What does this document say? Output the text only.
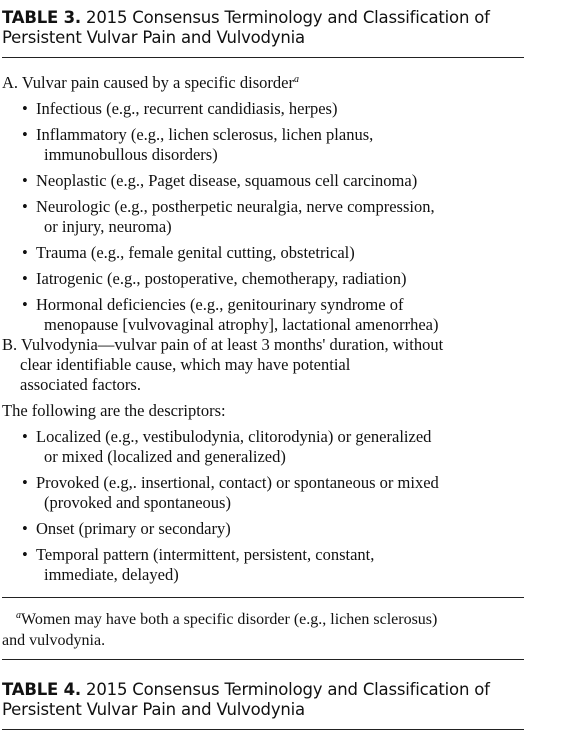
TABLE 3. 2015 Consensus Terminology and Classification of
Persistent Vulvar Pain and Vulvodynia
A. Vulvar pain caused by a specific disorder$^a$
• Infectious (e.g., recurrent candidiasis, herpes)
• Inflammatory (e.g., lichen sclerosus, lichen planus,
immunobullous disorders)
• Neoplastic (e.g., Paget disease, squamous cell carcinoma)
• Neurologic (e.g., postherpetic neuralgia, nerve compression,
or injury, neuroma)
• Trauma (e.g., female genital cutting, obstetrical)
• Iatrogenic (e.g., postoperative, chemotherapy, radiation)
• Hormonal deficiencies (e.g., genitourinary syndrome of
menopause [vulvovaginal atrophy], lactational amenorrhea)
B. Vulvodynia—vulvar pain of at least 3 months' duration, without
clear identifiable cause, which may have potential
associated factors.
The following are the descriptors:
• Localized (e.g., vestibulodynia, clitorodynia) or generalized
or mixed (localized and generalized)
• Provoked (e.g,. insertional, contact) or spontaneous or mixed
(provoked and spontaneous)
• Onset (primary or secondary)
• Temporal pattern (intermittent, persistent, constant,
immediate, delayed)
$^a$Women may have both a specific disorder (e.g., lichen sclerosus)
and vulvodynia.
TABLE 4. 2015 Consensus Terminology and Classification of
Persistent Vulvar Pain and Vulvodynia
